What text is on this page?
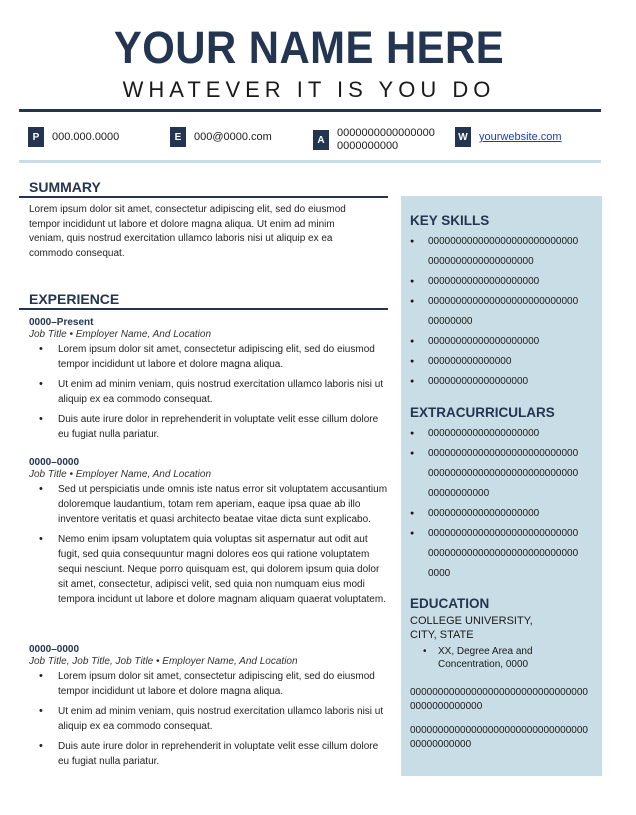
YOUR NAME HERE
WHATEVER IT IS YOU DO
P	000.000.0000	E	000@0000.com	A
0000000000000000
0000000000
W yourwebsite.com
SUMMARY
Lorem ipsum dolor sit amet, consectetur adipiscing elit, sed do eiusmod tempor incididunt ut labore et dolore magna aliqua. Ut enim ad minim veniam, quis nostrud exercitation ullamco laboris nisi ut aliquip ex ea commodo consequat.
EXPERIENCE
0000–Present
Job Title • Employer Name, And Location
• Lorem ipsum dolor sit amet, consectetur adipiscing elit, sed do eiusmod tempor incididunt ut labore et dolore magna aliqua.
• Ut enim ad minim veniam, quis nostrud exercitation ullamco laboris nisi ut aliquip ex ea commodo consequat.
• Duis aute irure dolor in reprehenderit in voluptate velit esse cillum dolore eu fugiat nulla pariatur.
0000–0000
Job Title • Employer Name, And Location
• Sed ut perspiciatis unde omnis iste natus error sit voluptatem accusantium doloremque laudantium, totam rem aperiam, eaque ipsa quae ab illo inventore veritatis et quasi architecto beatae vitae dicta sunt explicabo.
• Nemo enim ipsam voluptatem quia voluptas sit aspernatur aut odit aut fugit, sed quia consequuntur magni dolores eos qui ratione voluptatem sequi nesciunt. Neque porro quisquam est, qui dolorem ipsum quia dolor sit amet, consectetur, adipisci velit, sed quia non numquam eius modi tempora incidunt ut labore et dolore magnam aliquam quaerat voluptatem.
0000–0000
Job Title, Job Title, Job Title • Employer Name, And Location
• Lorem ipsum dolor sit amet, consectetur adipiscing elit, sed do eiusmod tempor incididunt ut labore et dolore magna aliqua.
• Ut enim ad minim veniam, quis nostrud exercitation ullamco laboris nisi ut aliquip ex ea commodo consequat.
• Duis aute irure dolor in reprehenderit in voluptate velit esse cillum dolore eu fugiat nulla pariatur.
KEY SKILLS
● 0000000000000000000000000000000000000000000000
● 00000000000000000000
● 00000000000000000000000000000000000
● 00000000000000000000
● 000000000000000
● 000000000000000000
EXTRACURRICULARS
● 00000000000000000000
● 00000000000000000000000000000000000000000000000000000000000000000
● 00000000000000000000
● 0000000000000000000000000000000000000000000000000000000000
EDUCATION
COLLEGE UNIVERSITY,
CITY, STATE
• XX, Degree Area and Concentration, 0000
000000000000000000000000000000000000000000000
0000000000000000000000000000000000000000000
